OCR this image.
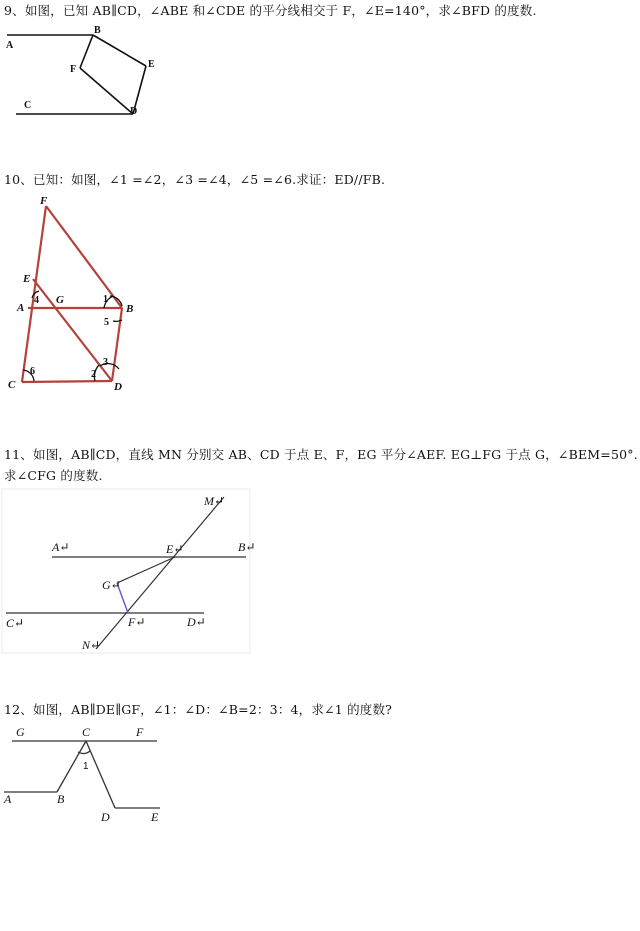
9、如图，已知 AB∥CD，∠ABE 和∠CDE 的平分线相交于 F，∠E=140°，求∠BFD 的度数.
A
B
F	E
C
D
10、已知：如图，∠1 =∠2，∠3 =∠4，∠5 =∠6.求证：ED//FB.
F
E
A
4 G	1
B
5
3
6	2
C	D
11、如图，AB∥CD，直线 MN 分别交 AB、CD 于点 E、F，EG 平分∠AEF. EG⊥FG 于点 G，∠BEM=50°.
求∠CFG 的度数.
M↵
A↵	E↵	B↵
G↵
C↵	F↵	D↵
N↵
12、如图，AB∥DE∥GF，∠1：∠D：∠B=2：3：4，求∠1 的度数?
G	C	F
1
A	B
D	E
